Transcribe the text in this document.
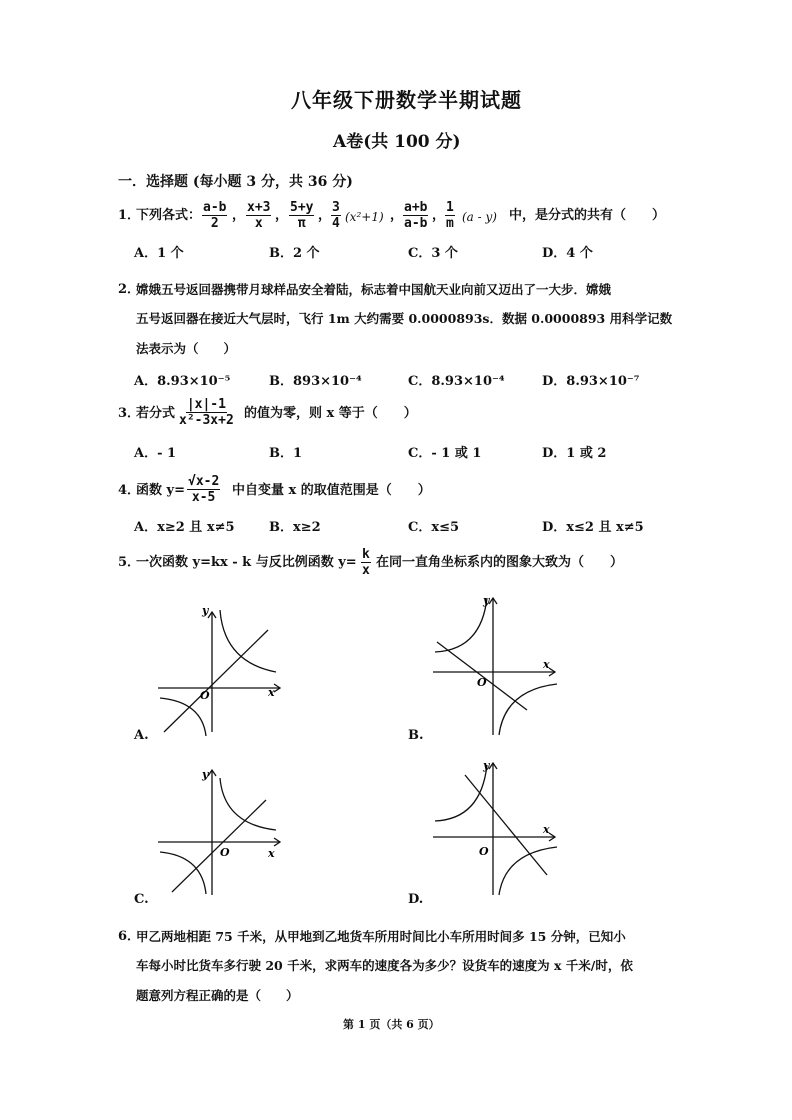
八年级下册数学半期试题
A卷(共 100 分)
一．选择题 (每小题 3 分，共 36 分)
1．
下列各式： $\frac{a-b}{2}$ ， $\frac{x+3}{x}$ ， $\frac{5+y}{\pi}$ ， $\frac{3}{4} (x^2+1)$ ， $\frac{a+b}{a-b}$ ， $\frac{1}{m} (a - y)$ 中，是分式的共有（　　）
A．1 个	B．2 个	C．3 个	D．4 个
2．
嫦娥五号返回器携带月球样品安全着陆，标志着中国航天业向前又迈出了一大步．嫦娥
五号返回器在接近大气层时，飞行 1m 大约需要 0.0000893s．数据 0.0000893 用科学记数
法表示为（　　）
A．8.93×10⁻⁵	B．893×10⁻⁴	C．8.93×10⁻⁴	D．8.93×10⁻⁷
3．
若分式 $\frac{|x|-1}{\text{x²-3x+2}}$ 的值为零，则 x 等于（　　）
A．- 1	B．1	C．- 1 或 1	D．1 或 2
4．
函数 $y= \frac{√x-2}{x-5}$ 中自变量 x 的取值范围是（　　）
A．x≥2 且 x≠5	B．x≥2	C．x≤5	D．x≤2 且 x≠5
5．
一次函数 y=kx - k 与反比例函数 $y= \frac{k}{x}$ 在同一直角坐标系内的图象大致为（　　）
y
x
O
A.
y
x
O
B.
y
x
O
C.
y
x
O
D.
6．
甲乙两地相距 75 千米，从甲地到乙地货车所用时间比小车所用时间多 15 分钟，已知小
车每小时比货车多行驶 20 千米，求两车的速度各为多少？设货车的速度为 x 千米/时，依
题意列方程正确的是（　　）
第 1 页（共 6 页）
